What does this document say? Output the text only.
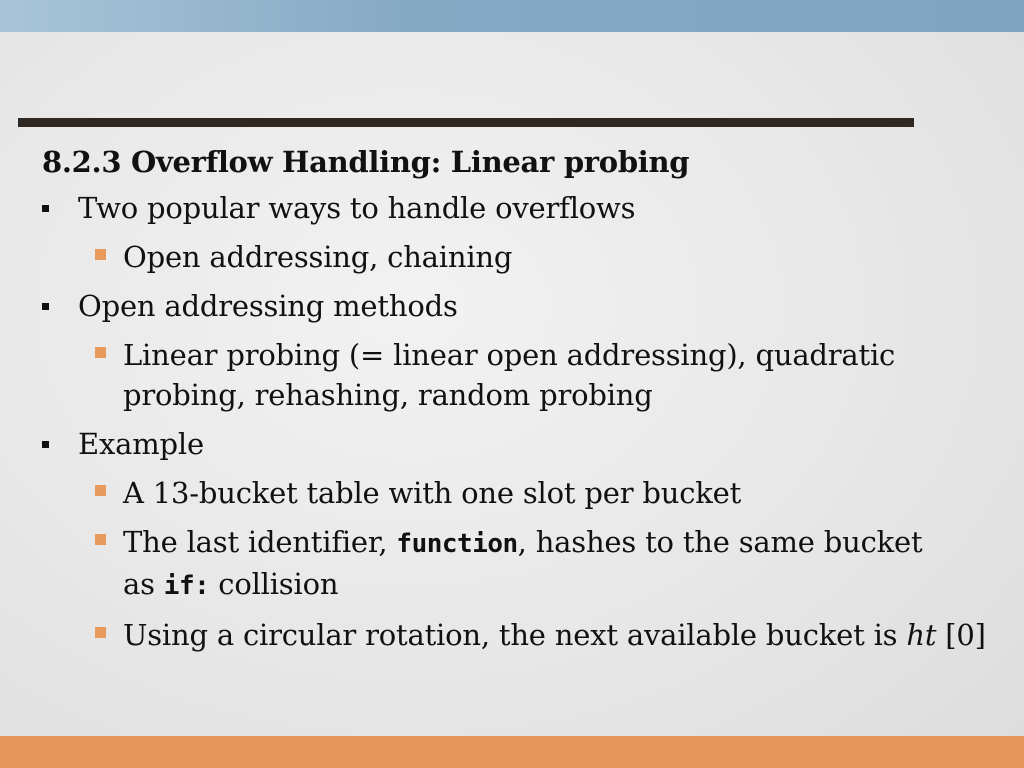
8.2.3 Overflow Handling: Linear probing
Two popular ways to handle overflows
Open addressing, chaining
Open addressing methods
Linear probing (= linear open addressing), quadratic
probing, rehashing, random probing
Example
A 13-bucket table with one slot per bucket
The last identifier, function, hashes to the same bucket
as if: collision
Using a circular rotation, the next available bucket is ht [0]
